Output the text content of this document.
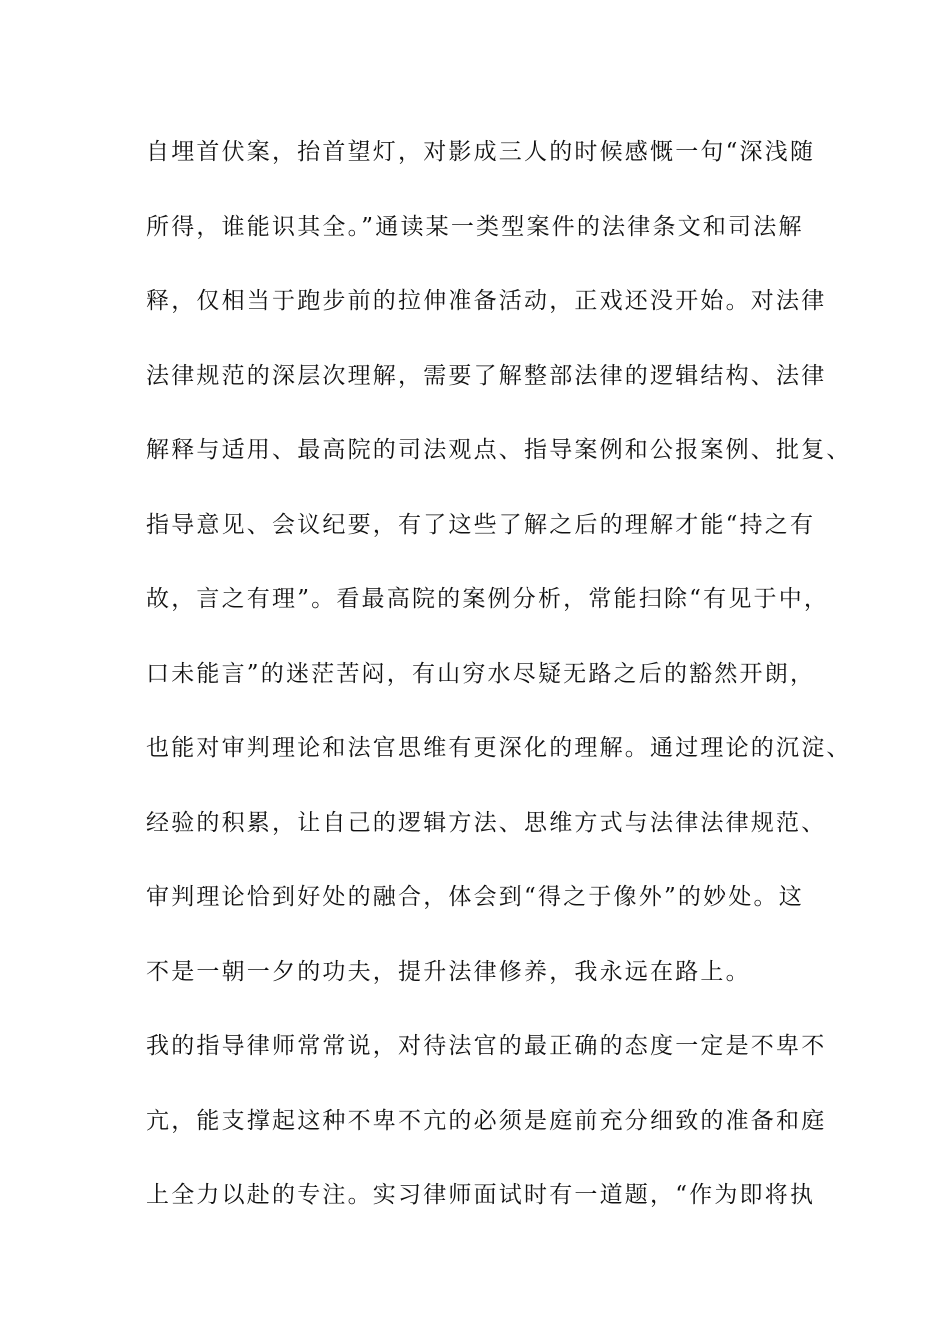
自埋首伏案，抬首望灯，对影成三人的时候感慨一句“深浅随
所得，谁能识其全。”通读某一类型案件的法律条文和司法解
释，仅相当于跑步前的拉伸准备活动，正戏还没开始。对法律
法律规范的深层次理解，需要了解整部法律的逻辑结构、法律
解释与适用、最高院的司法观点、指导案例和公报案例、批复、
指导意见、会议纪要，有了这些了解之后的理解才能“持之有
故，言之有理”。看最高院的案例分析，常能扫除“有见于中，
口未能言”的迷茫苦闷，有山穷水尽疑无路之后的豁然开朗，
也能对审判理论和法官思维有更深化的理解。通过理论的沉淀、
经验的积累，让自己的逻辑方法、思维方式与法律法律规范、
审判理论恰到好处的融合，体会到“得之于像外”的妙处。这
不是一朝一夕的功夫，提升法律修养，我永远在路上。
我的指导律师常常说，对待法官的最正确的态度一定是不卑不
亢，能支撑起这种不卑不亢的必须是庭前充分细致的准备和庭
上全力以赴的专注。实习律师面试时有一道题，“作为即将执
